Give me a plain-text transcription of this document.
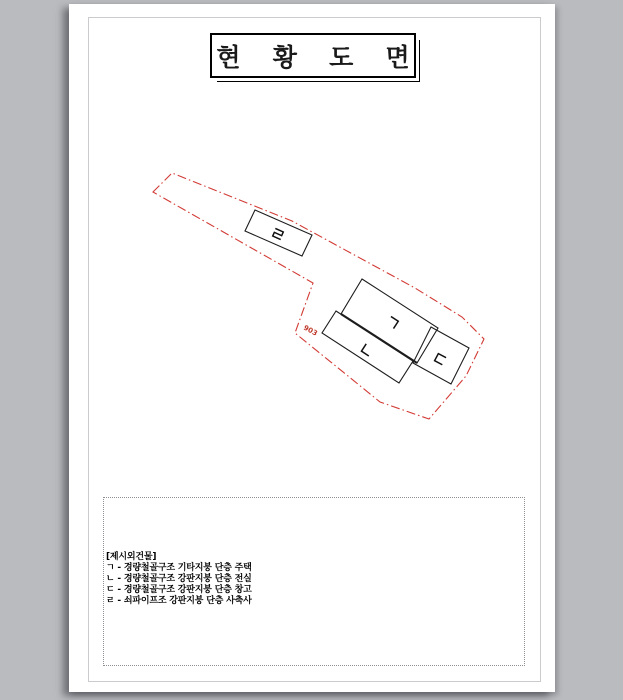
현 황 도 면
[제시외건물]
ㄱ - 경량철골구조 기타지붕 단층 주택
ㄴ - 경량철골구조 강판지붕 단층 전실
ㄷ - 경량철골구조 강판지붕 단층 창고
ㄹ - 쇠파이프조 강판지붕 단층 사축사
903
